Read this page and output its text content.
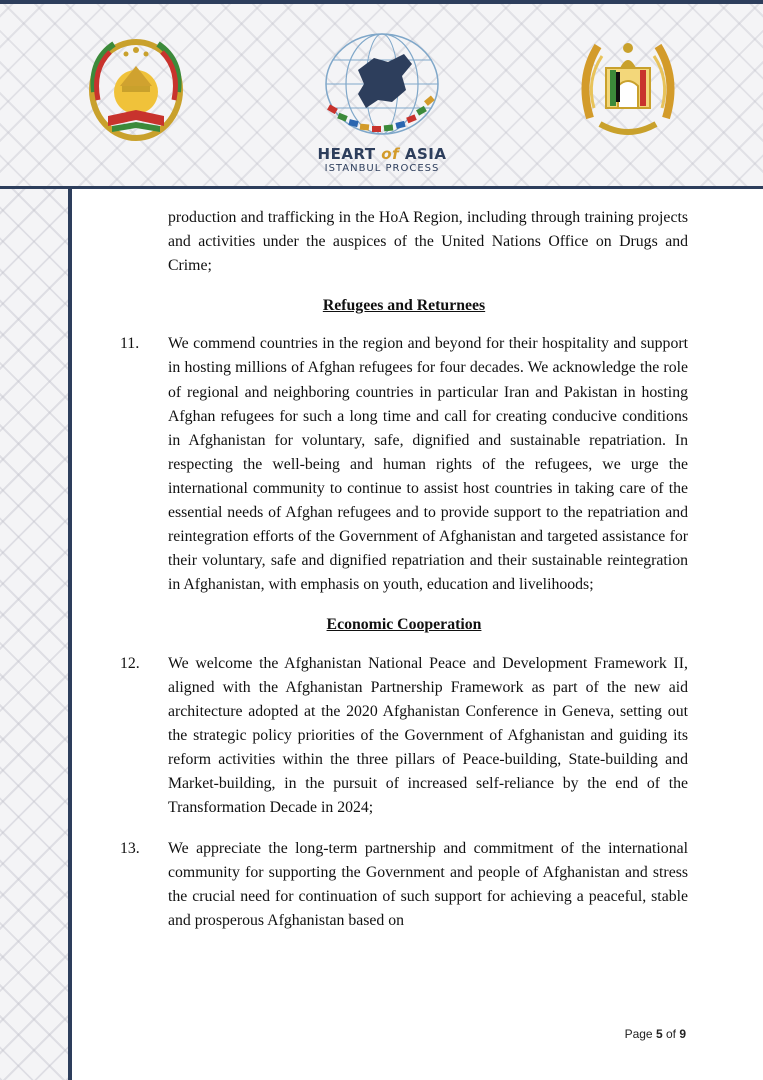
HEART of ASIA
ISTANBUL PROCESS

production and trafficking in the HoA Region, including through training projects and activities under the auspices of the United Nations Office on Drugs and Crime;

Refugees and Returnees
11.	We commend countries in the region and beyond for their hospitality and support in hosting millions of Afghan refugees for four decades. We acknowledge the role of regional and neighboring countries in particular Iran and Pakistan in hosting Afghan refugees for such a long time and call for creating conducive conditions in Afghanistan for voluntary, safe, dignified and sustainable repatriation. In respecting the well-being and human rights of the refugees, we urge the international community to continue to assist host countries in taking care of the essential needs of Afghan refugees and to provide support to the repatriation and reintegration efforts of the Government of Afghanistan and targeted assistance for their voluntary, safe and dignified repatriation and their sustainable reintegration in Afghanistan, with emphasis on youth, education and livelihoods;
Economic Cooperation
12.	We welcome the Afghanistan National Peace and Development Framework II, aligned with the Afghanistan Partnership Framework as part of the new aid architecture adopted at the 2020 Afghanistan Conference in Geneva, setting out the strategic policy priorities of the Government of Afghanistan and guiding its reform activities within the three pillars of Peace-building, State-building and Market-building, in the pursuit of increased self-reliance by the end of the Transformation Decade in 2024;
13.	We appreciate the long-term partnership and commitment of the international community for supporting the Government and people of Afghanistan and stress the crucial need for continuation of such support for achieving a peaceful, stable and prosperous Afghanistan based on
Page 5 of 9
